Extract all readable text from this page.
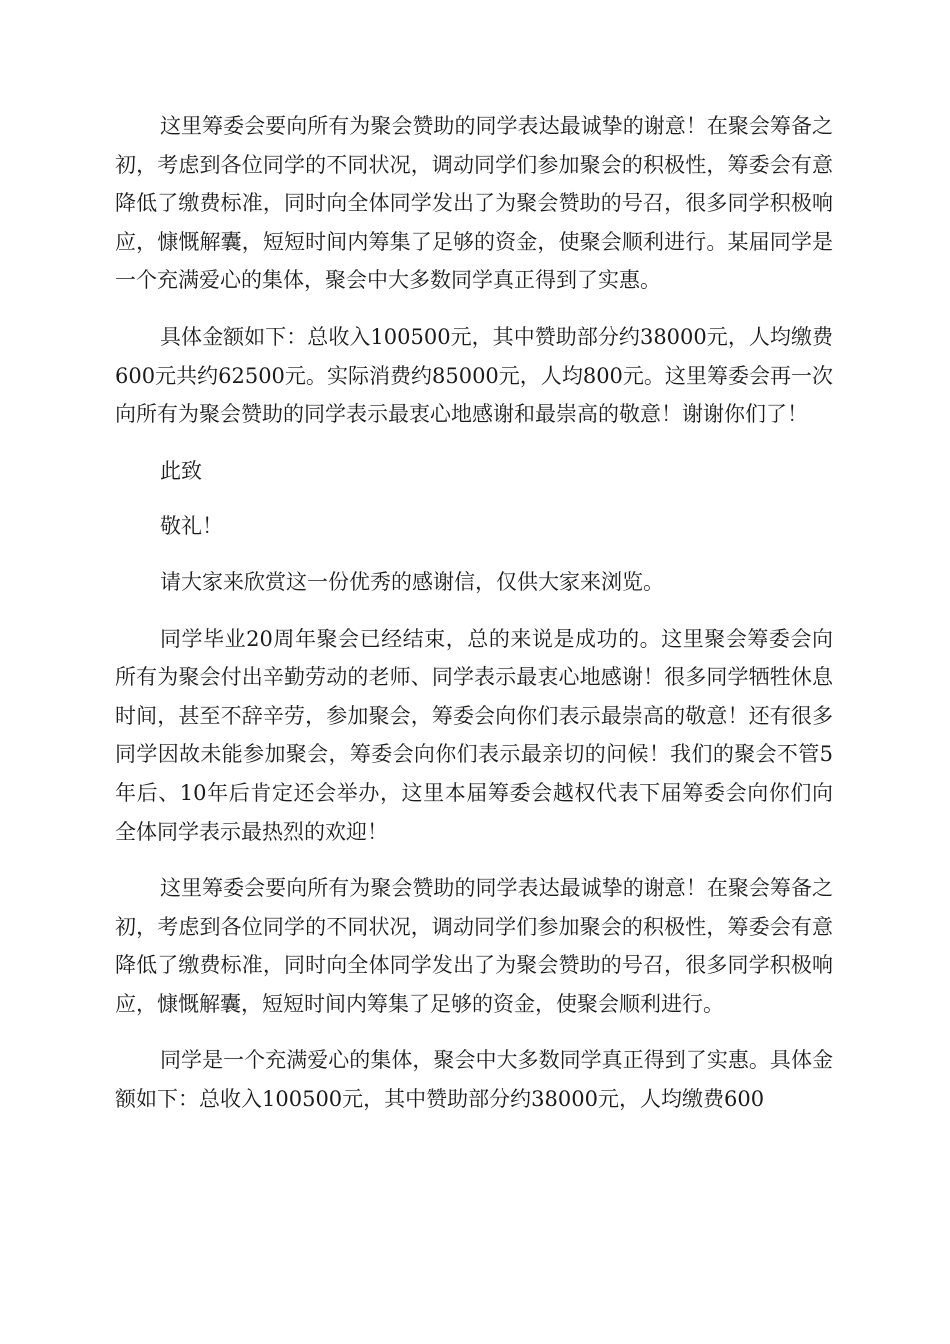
这里筹委会要向所有为聚会赞助的同学表达最诚挚的谢意！在聚会筹备之初，考虑到各位同学的不同状况，调动同学们参加聚会的积极性，筹委会有意降低了缴费标准，同时向全体同学发出了为聚会赞助的号召，很多同学积极响应，慷慨解囊，短短时间内筹集了足够的资金，使聚会顺利进行。某届同学是一个充满爱心的集体，聚会中大多数同学真正得到了实惠。

具体金额如下：总收入100500元，其中赞助部分约38000元，人均缴费600元共约62500元。实际消费约85000元，人均800元。这里筹委会再一次向所有为聚会赞助的同学表示最衷心地感谢和最崇高的敬意！谢谢你们了！

此致

敬礼！

请大家来欣赏这一份优秀的感谢信，仅供大家来浏览。

同学毕业20周年聚会已经结束，总的来说是成功的。这里聚会筹委会向所有为聚会付出辛勤劳动的老师、同学表示最衷心地感谢！很多同学牺牲休息时间，甚至不辞辛劳，参加聚会，筹委会向你们表示最崇高的敬意！还有很多同学因故未能参加聚会，筹委会向你们表示最亲切的问候！我们的聚会不管5年后、10年后肯定还会举办，这里本届筹委会越权代表下届筹委会向你们向全体同学表示最热烈的欢迎！

这里筹委会要向所有为聚会赞助的同学表达最诚挚的谢意！在聚会筹备之初，考虑到各位同学的不同状况，调动同学们参加聚会的积极性，筹委会有意降低了缴费标准，同时向全体同学发出了为聚会赞助的号召，很多同学积极响应，慷慨解囊，短短时间内筹集了足够的资金，使聚会顺利进行。

同学是一个充满爱心的集体，聚会中大多数同学真正得到了实惠。具体金额如下：总收入100500元，其中赞助部分约38000元，人均缴费600
